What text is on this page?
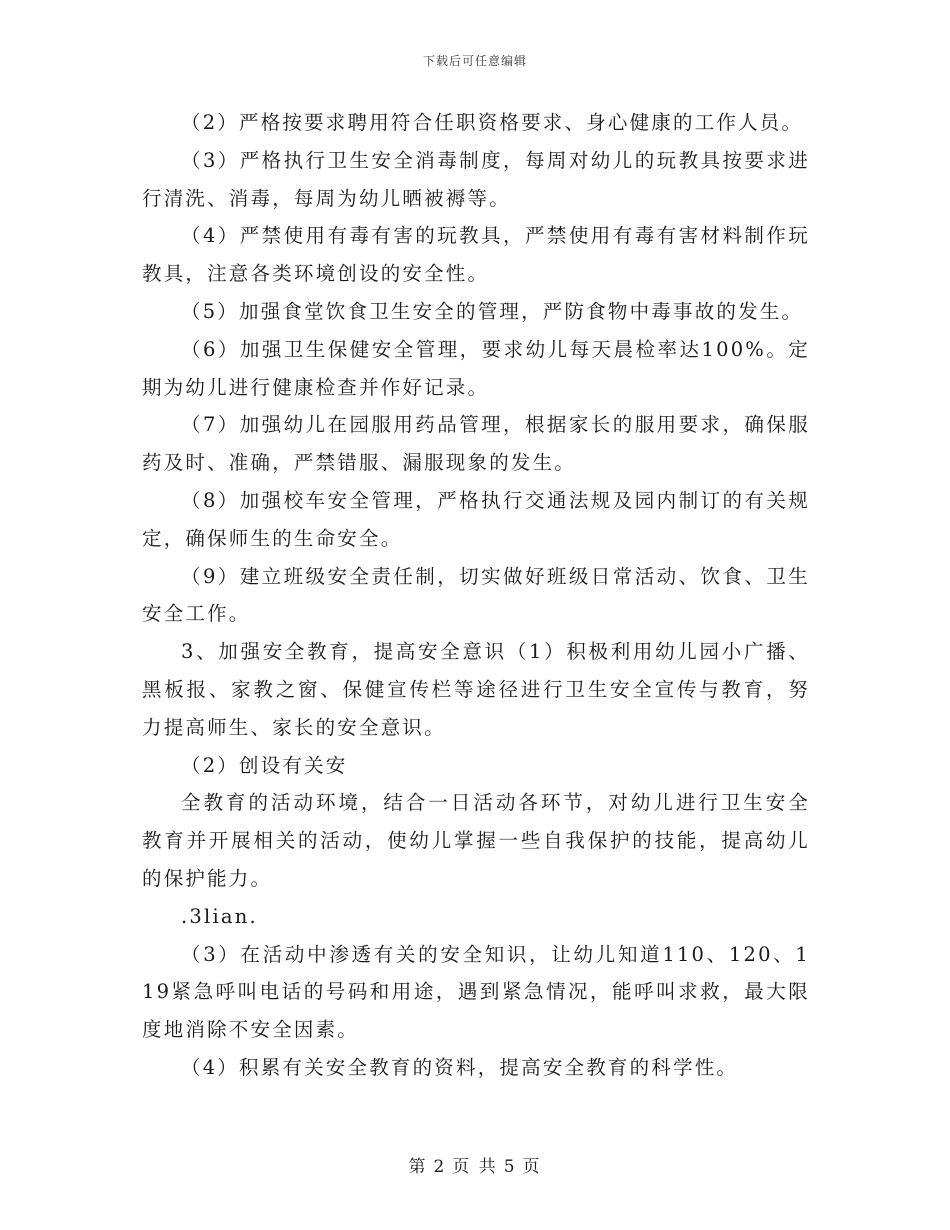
下载后可任意编辑

（2）严格按要求聘用符合任职资格要求、身心健康的工作人员。

（3）严格执行卫生安全消毒制度，每周对幼儿的玩教具按要求进行清洗、消毒，每周为幼儿晒被褥等。

（4）严禁使用有毒有害的玩教具，严禁使用有毒有害材料制作玩教具，注意各类环境创设的安全性。

（5）加强食堂饮食卫生安全的管理，严防食物中毒事故的发生。

（6）加强卫生保健安全管理，要求幼儿每天晨检率达100%。定期为幼儿进行健康检查并作好记录。

（7）加强幼儿在园服用药品管理，根据家长的服用要求，确保服药及时、准确，严禁错服、漏服现象的发生。

（8）加强校车安全管理，严格执行交通法规及园内制订的有关规定，确保师生的生命安全。

（9）建立班级安全责任制，切实做好班级日常活动、饮食、卫生安全工作。

3、加强安全教育，提高安全意识（1）积极利用幼儿园小广播、黑板报、家教之窗、保健宣传栏等途径进行卫生安全宣传与教育，努力提高师生、家长的安全意识。

（2）创设有关安

全教育的活动环境，结合一日活动各环节，对幼儿进行卫生安全教育并开展相关的活动，使幼儿掌握一些自我保护的技能，提高幼儿的保护能力。

.3lian.

（3）在活动中渗透有关的安全知识，让幼儿知道110、120、119紧急呼叫电话的号码和用途，遇到紧急情况，能呼叫求救，最大限度地消除不安全因素。

（4）积累有关安全教育的资料，提高安全教育的科学性。

第 2 页 共 5 页
